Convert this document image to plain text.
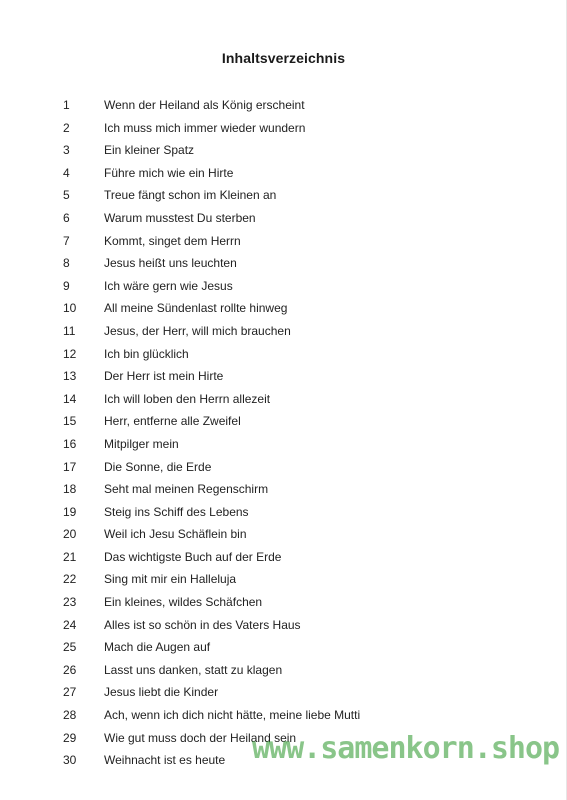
Inhaltsverzeichnis
1	Wenn der Heiland als König erscheint
2	Ich muss mich immer wieder wundern
3	Ein kleiner Spatz
4	Führe mich wie ein Hirte
5	Treue fängt schon im Kleinen an
6	Warum musstest Du sterben
7	Kommt, singet dem Herrn
8	Jesus heißt uns leuchten
9	Ich wäre gern wie Jesus
10	All meine Sündenlast rollte hinweg
11	Jesus, der Herr, will mich brauchen
12	Ich bin glücklich
13	Der Herr ist mein Hirte
14	Ich will loben den Herrn allezeit
15	Herr, entferne alle Zweifel
16	Mitpilger mein
17	Die Sonne, die Erde
18	Seht mal meinen Regenschirm
19	Steig ins Schiff des Lebens
20	Weil ich Jesu Schäflein bin
21	Das wichtigste Buch auf der Erde
22	Sing mit mir ein Halleluja
23	Ein kleines, wildes Schäfchen
24	Alles ist so schön in des Vaters Haus
25	Mach die Augen auf
26	Lasst uns danken, statt zu klagen
27	Jesus liebt die Kinder
28	Ach, wenn ich dich nicht hätte, meine liebe Mutti
29	Wie gut muss doch der Heiland sein
30	Weihnacht ist es heute www.samenkorn.shop
